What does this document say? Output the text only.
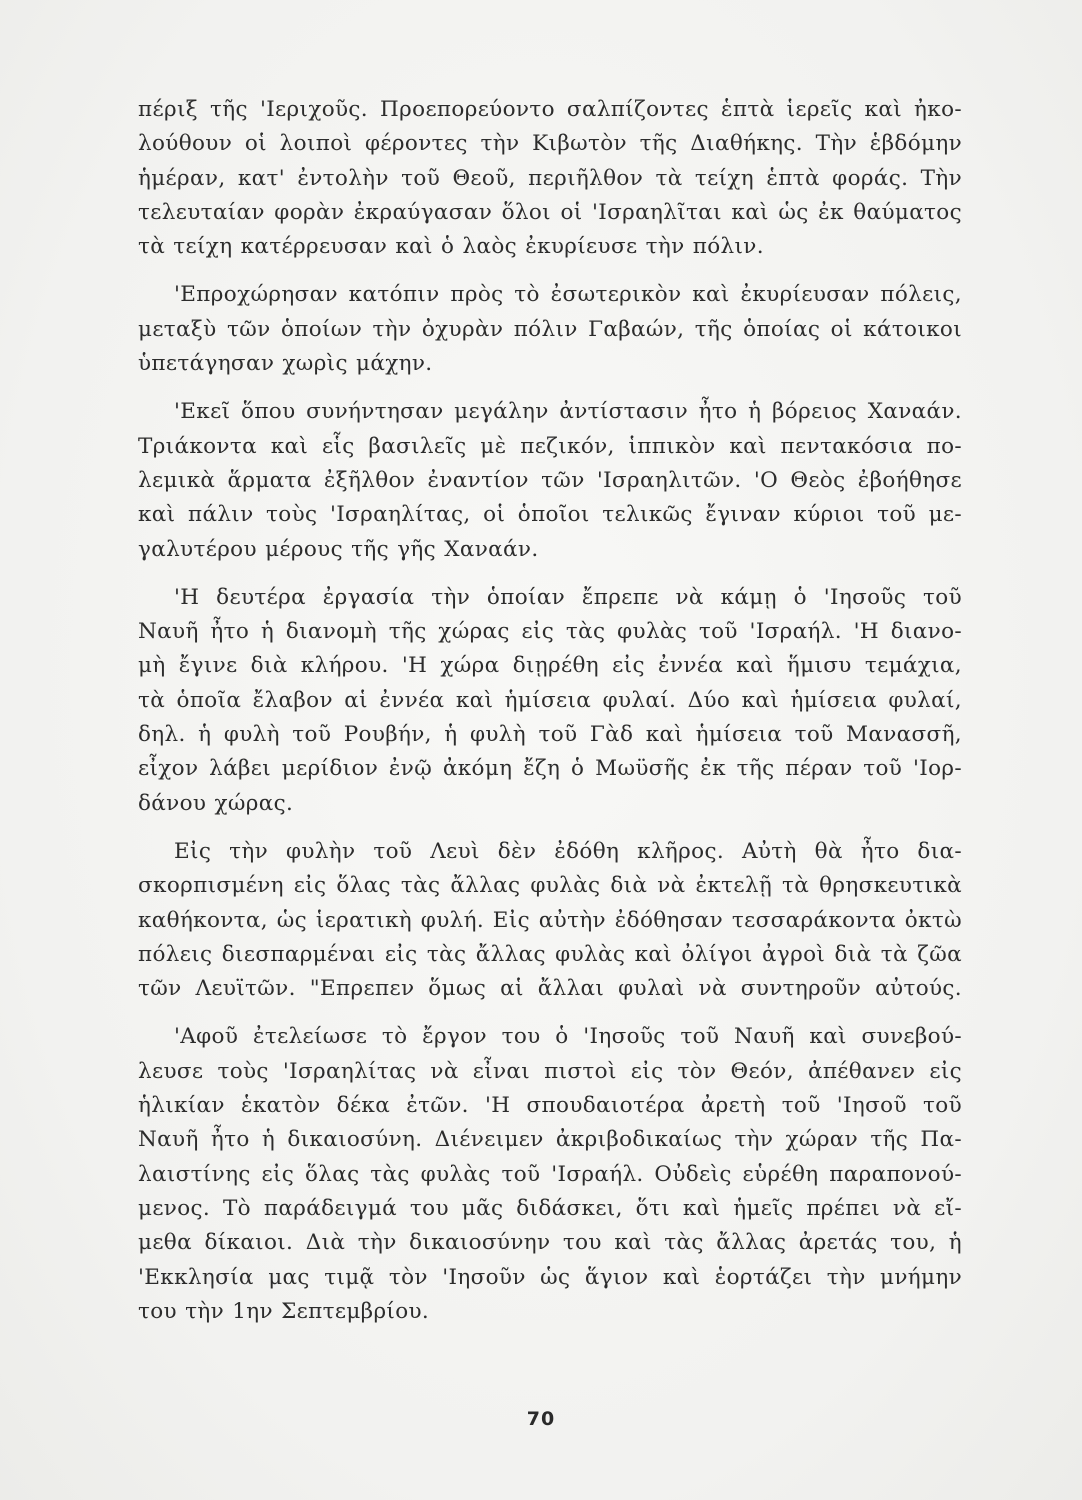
πέριξ τῆς 'Ιεριχοῦς. Προεπορεύοντο σαλπίζοντες ἑπτὰ ἱερεῖς καὶ ἠκο-
λούθουν οἱ λοιποὶ φέροντες τὴν Κιβωτὸν τῆς Διαθήκης. Τὴν ἑβδόμην
ἡμέραν, κατ' ἐντολὴν τοῦ Θεοῦ, περιῆλθον τὰ τείχη ἑπτὰ φοράς. Τὴν
τελευταίαν φορὰν ἐκραύγασαν ὅλοι οἱ 'Ισραηλῖται καὶ ὡς ἐκ θαύματος
τὰ τείχη κατέρρευσαν καὶ ὁ λαὸς ἐκυρίευσε τὴν πόλιν.

'Επροχώρησαν κατόπιν πρὸς τὸ ἐσωτερικὸν καὶ ἐκυρίευσαν πόλεις,
μεταξὺ τῶν ὁποίων τὴν ὀχυρὰν πόλιν Γαβαών, τῆς ὁποίας οἱ κάτοικοι
ὑπετάγησαν χωρὶς μάχην.

'Εκεῖ ὅπου συνήντησαν μεγάλην ἀντίστασιν ἦτο ἡ βόρειος Χαναάν.
Τριάκοντα καὶ εἷς βασιλεῖς μὲ πεζικόν, ἱππικὸν καὶ πεντακόσια πο-
λεμικὰ ἅρματα ἐξῆλθον ἐναντίον τῶν 'Ισραηλιτῶν. 'Ο Θεὸς ἐβοήθησε
καὶ πάλιν τοὺς 'Ισραηλίτας, οἱ ὁποῖοι τελικῶς ἔγιναν κύριοι τοῦ με-
γαλυτέρου μέρους τῆς γῆς Χαναάν.

'Η δευτέρα ἐργασία τὴν ὁποίαν ἔπρεπε νὰ κάμῃ ὁ 'Ιησοῦς τοῦ
Ναυῆ ἦτο ἡ διανομὴ τῆς χώρας εἰς τὰς φυλὰς τοῦ 'Ισραήλ. 'Η διανο-
μὴ ἔγινε διὰ κλήρου. 'Η χώρα διῃρέθη εἰς ἐννέα καὶ ἥμισυ τεμάχια,
τὰ ὁποῖα ἔλαβον αἱ ἐννέα καὶ ἡμίσεια φυλαί. Δύο καὶ ἡμίσεια φυλαί,
δηλ. ἡ φυλὴ τοῦ Ρουβήν, ἡ φυλὴ τοῦ Γὰδ καὶ ἡμίσεια τοῦ Μανασσῆ,
εἶχον λάβει μερίδιον ἐνῷ ἀκόμη ἔζη ὁ Μωϋσῆς ἐκ τῆς πέραν τοῦ 'Ιορ-
δάνου χώρας.

Εἰς τὴν φυλὴν τοῦ Λευὶ δὲν ἐδόθη κλῆρος. Αὐτὴ θὰ ἦτο δια-
σκορπισμένη εἰς ὅλας τὰς ἄλλας φυλὰς διὰ νὰ ἐκτελῇ τὰ θρησκευτικὰ
καθήκοντα, ὡς ἱερατικὴ φυλή. Εἰς αὐτὴν ἐδόθησαν τεσσαράκοντα ὀκτὼ
πόλεις διεσπαρμέναι εἰς τὰς ἄλλας φυλὰς καὶ ὀλίγοι ἀγροὶ διὰ τὰ ζῶα
τῶν Λευϊτῶν. "Επρεπεν ὅμως αἱ ἄλλαι φυλαὶ νὰ συντηροῦν αὐτούς.

'Αφοῦ ἐτελείωσε τὸ ἔργον του ὁ 'Ιησοῦς τοῦ Ναυῆ καὶ συνεβού-
λευσε τοὺς 'Ισραηλίτας νὰ εἶναι πιστοὶ εἰς τὸν Θεόν, ἀπέθανεν εἰς
ἡλικίαν ἑκατὸν δέκα ἐτῶν. 'Η σπουδαιοτέρα ἀρετὴ τοῦ 'Ιησοῦ τοῦ
Ναυῆ ἦτο ἡ δικαιοσύνη. Διένειμεν ἀκριβοδικαίως τὴν χώραν τῆς Πα-
λαιστίνης εἰς ὅλας τὰς φυλὰς τοῦ 'Ισραήλ. Οὐδεὶς εὑρέθη παραπονού-
μενος. Τὸ παράδειγμά του μᾶς διδάσκει, ὅτι καὶ ἡμεῖς πρέπει νὰ εἴ-
μεθα δίκαιοι. Διὰ τὴν δικαιοσύνην του καὶ τὰς ἄλλας ἀρετάς του, ἡ
'Εκκλησία μας τιμᾷ τὸν 'Ιησοῦν ὡς ἅγιον καὶ ἑορτάζει τὴν μνήμην
του τὴν 1ην Σεπτεμβρίου.

70
